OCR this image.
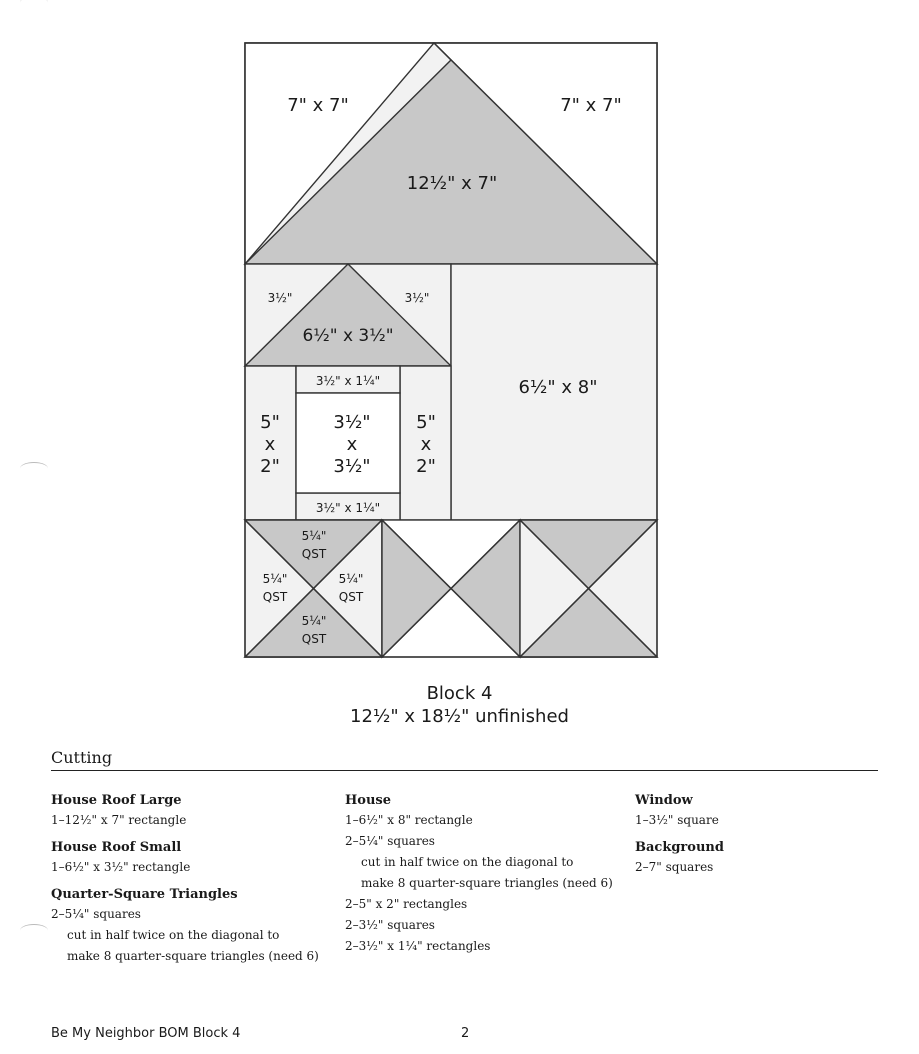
7" x 7"	7" x 7"
12½" x 7"
3½"	3½"
6½" x 3½"
6½" x 8"
3½" x 1¼"
3½" x 1¼"
3½"
x
3½"
5"
x
2"
5"
x
2"
5¼"
QST
5¼"
QST
5¼"
QST
5¼"
QST
Block 4
12½" x 18½" unfinished
Cutting
House Roof Large
1–12½" x 7" rectangle
House Roof Small
1–6½" x 3½" rectangle
Quarter-Square Triangles
2–5¼" squares
cut in half twice on the diagonal to
make 8 quarter-square triangles (need 6)
House
1–6½" x 8" rectangle
2–5¼" squares
cut in half twice on the diagonal to
make 8 quarter-square triangles (need 6)
2–5" x 2" rectangles
2–3½" squares
2–3½" x 1¼" rectangles
Window
1–3½" square
Background
2–7" squares
Be My Neighbor BOM Block 4	2
